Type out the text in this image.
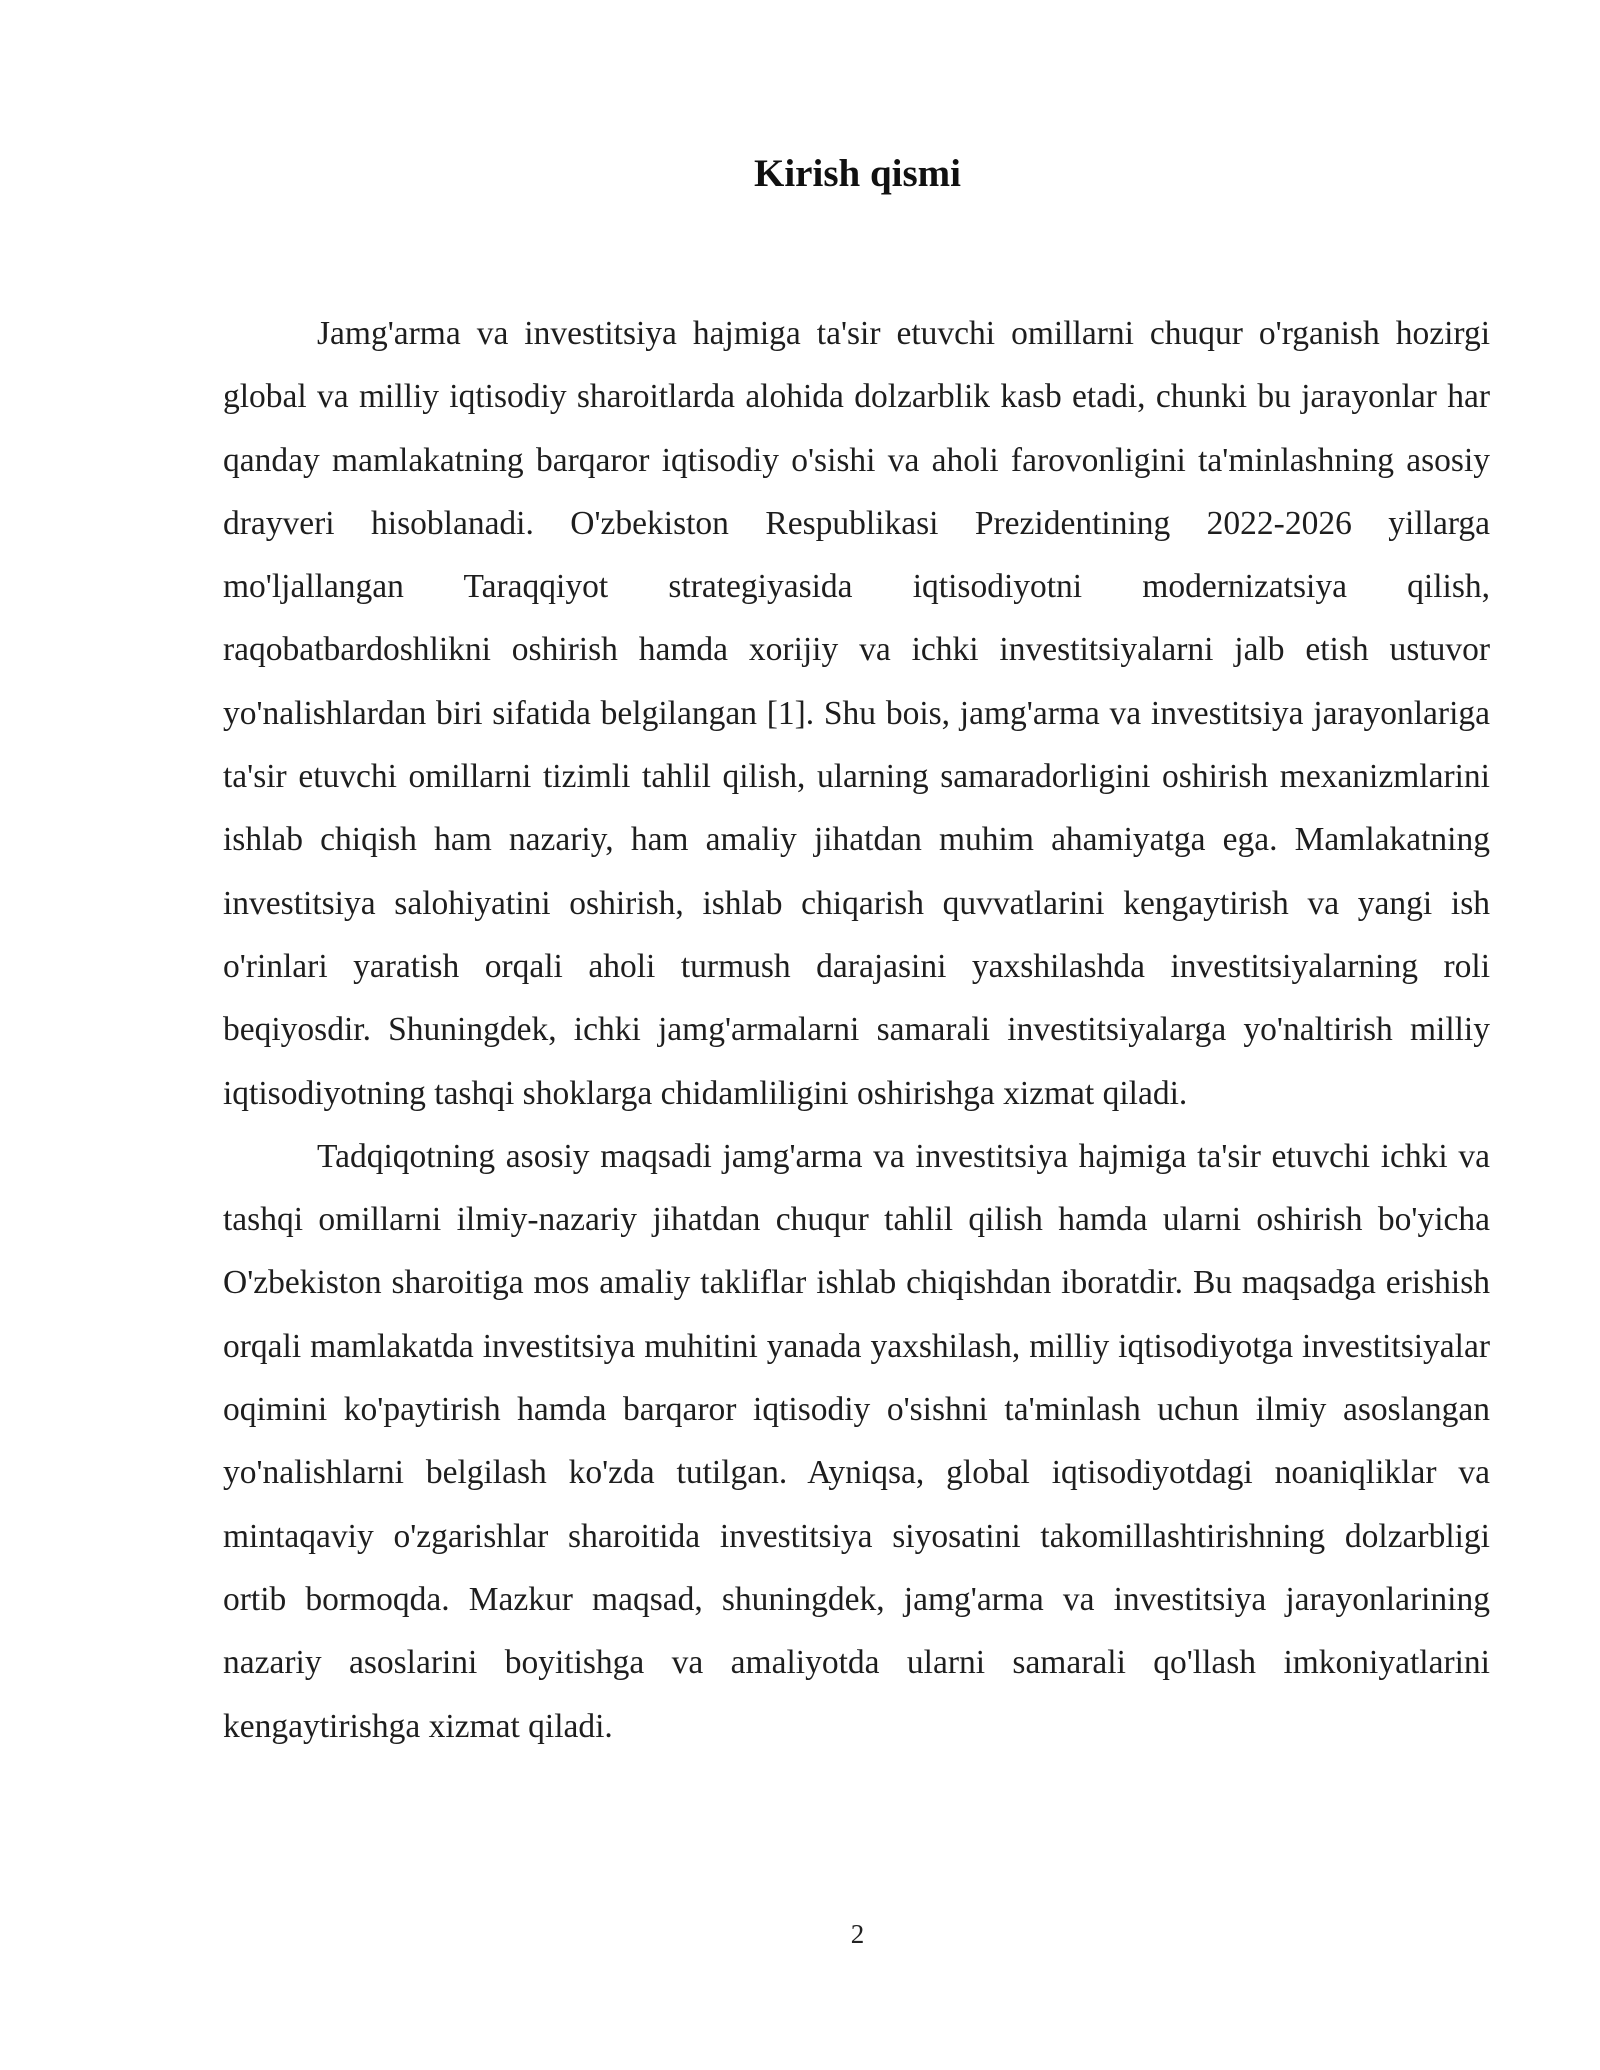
Kirish qismi

Jamg'arma va investitsiya hajmiga ta'sir etuvchi omillarni chuqur o'rganish hozirgi global va milliy iqtisodiy sharoitlarda alohida dolzarblik kasb etadi, chunki bu jarayonlar har qanday mamlakatning barqaror iqtisodiy o'sishi va aholi farovonligini ta'minlashning asosiy drayveri hisoblanadi. O'zbekiston Respublikasi Prezidentining 2022-2026 yillarga mo'ljallangan Taraqqiyot strategiyasida iqtisodiyotni modernizatsiya qilish, raqobatbardoshlikni oshirish hamda xorijiy va ichki investitsiyalarni jalb etish ustuvor yo'nalishlardan biri sifatida belgilangan [1]. Shu bois, jamg'arma va investitsiya jarayonlariga ta'sir etuvchi omillarni tizimli tahlil qilish, ularning samaradorligini oshirish mexanizmlarini ishlab chiqish ham nazariy, ham amaliy jihatdan muhim ahamiyatga ega. Mamlakatning investitsiya salohiyatini oshirish, ishlab chiqarish quvvatlarini kengaytirish va yangi ish o'rinlari yaratish orqali aholi turmush darajasini yaxshilashda investitsiyalarning roli beqiyosdir. Shuningdek, ichki jamg'armalarni samarali investitsiyalarga yo'naltirish milliy iqtisodiyotning tashqi shoklarga chidamliligini oshirishga xizmat qiladi.

Tadqiqotning asosiy maqsadi jamg'arma va investitsiya hajmiga ta'sir etuvchi ichki va tashqi omillarni ilmiy-nazariy jihatdan chuqur tahlil qilish hamda ularni oshirish bo'yicha O'zbekiston sharoitiga mos amaliy takliflar ishlab chiqishdan iboratdir. Bu maqsadga erishish orqali mamlakatda investitsiya muhitini yanada yaxshilash, milliy iqtisodiyotga investitsiyalar oqimini ko'paytirish hamda barqaror iqtisodiy o'sishni ta'minlash uchun ilmiy asoslangan yo'nalishlarni belgilash ko'zda tutilgan. Ayniqsa, global iqtisodiyotdagi noaniqliklar va mintaqaviy o'zgarishlar sharoitida investitsiya siyosatini takomillashtirishning dolzarbligi ortib bormoqda. Mazkur maqsad, shuningdek, jamg'arma va investitsiya jarayonlarining nazariy asoslarini boyitishga va amaliyotda ularni samarali qo'llash imkoniyatlarini kengaytirishga xizmat qiladi.

2
